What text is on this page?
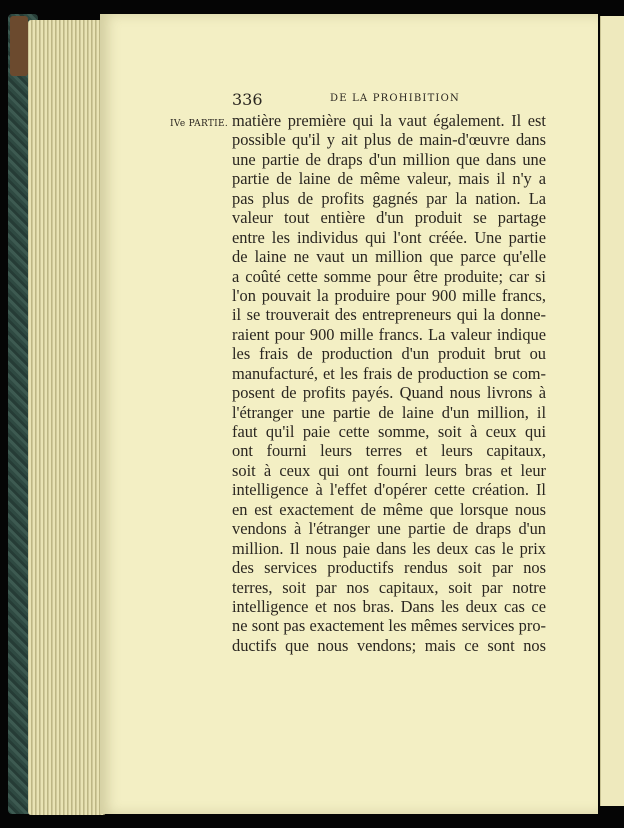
336	DE LA PROHIBITION
IVe PARTIE. matière première qui la vaut également. Il est
possible qu'il y ait plus de main-d'œuvre dans
une partie de draps d'un million que dans une
partie de laine de même valeur, mais il n'y a
pas plus de profits gagnés par la nation. La
valeur tout entière d'un produit se partage
entre les individus qui l'ont créée. Une partie
de laine ne vaut un million que parce qu'elle
a coûté cette somme pour être produite; car si
l'on pouvait la produire pour 900 mille francs,
il se trouverait des entrepreneurs qui la donne-
raient pour 900 mille francs. La valeur indique
les frais de production d'un produit brut ou
manufacturé, et les frais de production se com-
posent de profits payés. Quand nous livrons à
l'étranger une partie de laine d'un million, il
faut qu'il paie cette somme, soit à ceux qui
ont fourni leurs terres et leurs capitaux,
soit à ceux qui ont fourni leurs bras et leur
intelligence à l'effet d'opérer cette création. Il
en est exactement de même que lorsque nous
vendons à l'étranger une partie de draps d'un
million. Il nous paie dans les deux cas le prix
des services productifs rendus soit par nos
terres, soit par nos capitaux, soit par notre
intelligence et nos bras. Dans les deux cas ce
ne sont pas exactement les mêmes services pro-
ductifs que nous vendons; mais ce sont nos
